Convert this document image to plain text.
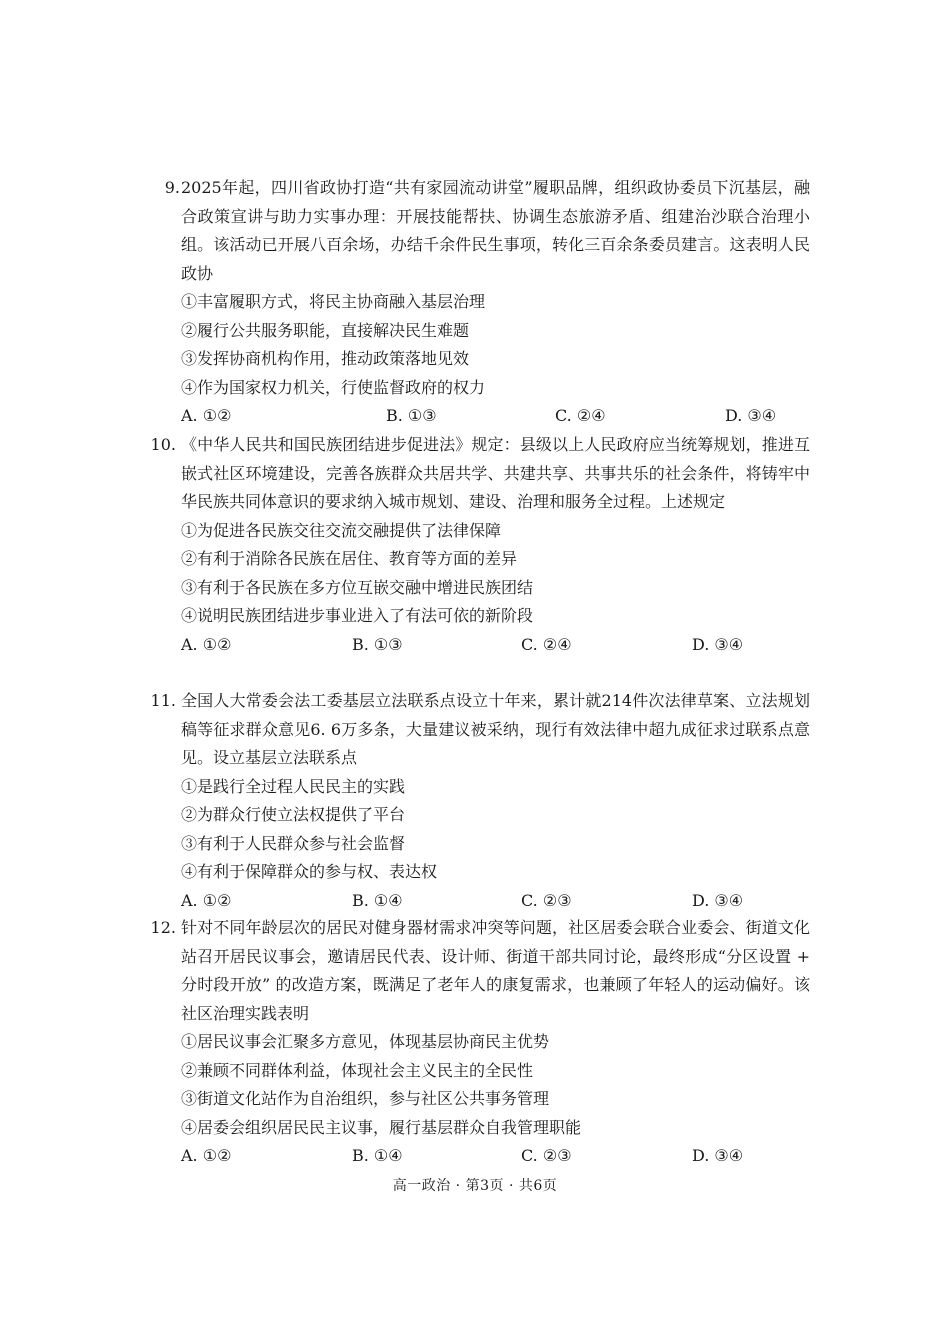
9. 2025年起，四川省政协打造“共有家园流动讲堂”履职品牌，组织政协委员下沉基层，融合政策宣讲与助力实事办理：开展技能帮扶、协调生态旅游矛盾、组建治沙联合治理小组。该活动已开展八百余场，办结千余件民生事项，转化三百余条委员建言。这表明人民政协
①丰富履职方式，将民主协商融入基层治理
②履行公共服务职能，直接解决民生难题
③发挥协商机构作用，推动政策落地见效
④作为国家权力机关，行使监督政府的权力
A. ①②	B. ①③	C. ②④	D. ③④
10. 《中华人民共和国民族团结进步促进法》规定：县级以上人民政府应当统筹规划，推进互嵌式社区环境建设，完善各族群众共居共学、共建共享、共事共乐的社会条件，将铸牢中华民族共同体意识的要求纳入城市规划、建设、治理和服务全过程。上述规定
①为促进各民族交往交流交融提供了法律保障
②有利于消除各民族在居住、教育等方面的差异
③有利于各民族在多方位互嵌交融中增进民族团结
④说明民族团结进步事业进入了有法可依的新阶段
A. ①②	B. ①③	C. ②④	D. ③④
11. 全国人大常委会法工委基层立法联系点设立十年来，累计就214件次法律草案、立法规划稿等征求群众意见6. 6万多条，大量建议被采纳，现行有效法律中超九成征求过联系点意见。设立基层立法联系点
①是践行全过程人民民主的实践
②为群众行使立法权提供了平台
③有利于人民群众参与社会监督
④有利于保障群众的参与权、表达权
A. ①②	B. ①④	C. ②③	D. ③④
12. 针对不同年龄层次的居民对健身器材需求冲突等问题，社区居委会联合业委会、街道文化站召开居民议事会，邀请居民代表、设计师、街道干部共同讨论，最终形成“分区设置 + 分时段开放” 的改造方案，既满足了老年人的康复需求，也兼顾了年轻人的运动偏好。该社区治理实践表明
①居民议事会汇聚多方意见，体现基层协商民主优势
②兼顾不同群体利益，体现社会主义民主的全民性
③街道文化站作为自治组织，参与社区公共事务管理
④居委会组织居民民主议事，履行基层群众自我管理职能
A. ①②	B. ①④	C. ②③	D. ③④
高一政治 · 第3页 · 共6页
